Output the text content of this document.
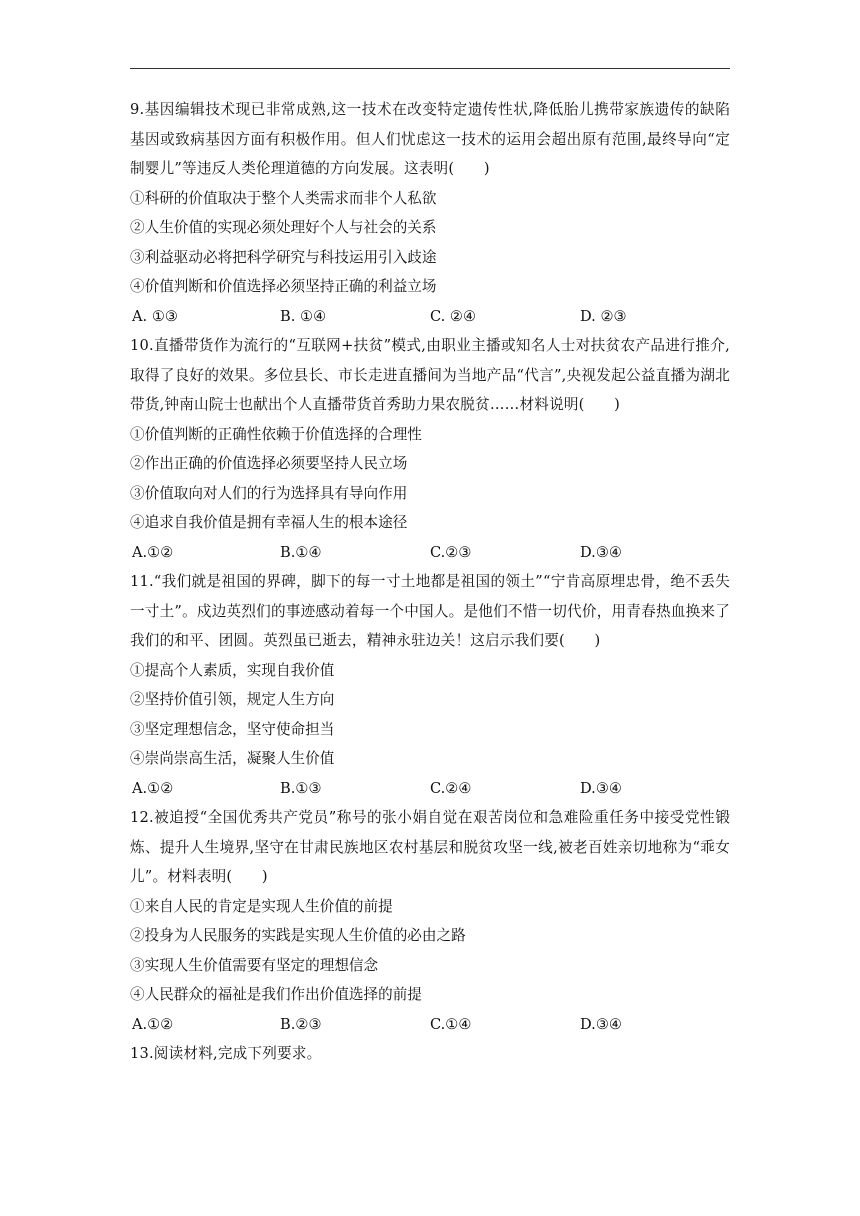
9.基因编辑技术现已非常成熟,这一技术在改变特定遗传性状,降低胎儿携带家族遗传的缺陷基因或致病基因方面有积极作用。但人们忧虑这一技术的运用会超出原有范围,最终导向“定制婴儿”等违反人类伦理道德的方向发展。这表明(　　)

①科研的价值取决于整个人类需求而非个人私欲

②人生价值的实现必须处理好个人与社会的关系

③利益驱动必将把科学研究与科技运用引入歧途

④价值判断和价值选择必须坚持正确的利益立场

A. ①③	B. ①④	C. ②④	D. ②③

10.直播带货作为流行的“互联网+扶贫”模式,由职业主播或知名人士对扶贫农产品进行推介,取得了良好的效果。多位县长、市长走进直播间为当地产品“代言”,央视发起公益直播为湖北带货,钟南山院士也献出个人直播带货首秀助力果农脱贫……材料说明(　　)

①价值判断的正确性依赖于价值选择的合理性

②作出正确的价值选择必须要坚持人民立场

③价值取向对人们的行为选择具有导向作用

④追求自我价值是拥有幸福人生的根本途径

A.①②	B.①④	C.②③	D.③④

11.“我们就是祖国的界碑，脚下的每一寸土地都是祖国的领土”“宁肯高原埋忠骨，绝不丢失一寸土”。戍边英烈们的事迹感动着每一个中国人。是他们不惜一切代价，用青春热血换来了我们的和平、团圆。英烈虽已逝去，精神永驻边关！这启示我们要(　　)

①提高个人素质，实现自我价值

②坚持价值引领，规定人生方向

③坚定理想信念，坚守使命担当

④崇尚崇高生活，凝聚人生价值

A.①②	B.①③	C.②④	D.③④

12.被追授“全国优秀共产党员”称号的张小娟自觉在艰苦岗位和急难险重任务中接受党性锻炼、提升人生境界,坚守在甘肃民族地区农村基层和脱贫攻坚一线,被老百姓亲切地称为“乖女儿”。材料表明(　　)

①来自人民的肯定是实现人生价值的前提

②投身为人民服务的实践是实现人生价值的必由之路

③实现人生价值需要有坚定的理想信念

④人民群众的福祉是我们作出价值选择的前提

A.①②	B.②③	C.①④	D.③④

13.阅读材料,完成下列要求。
